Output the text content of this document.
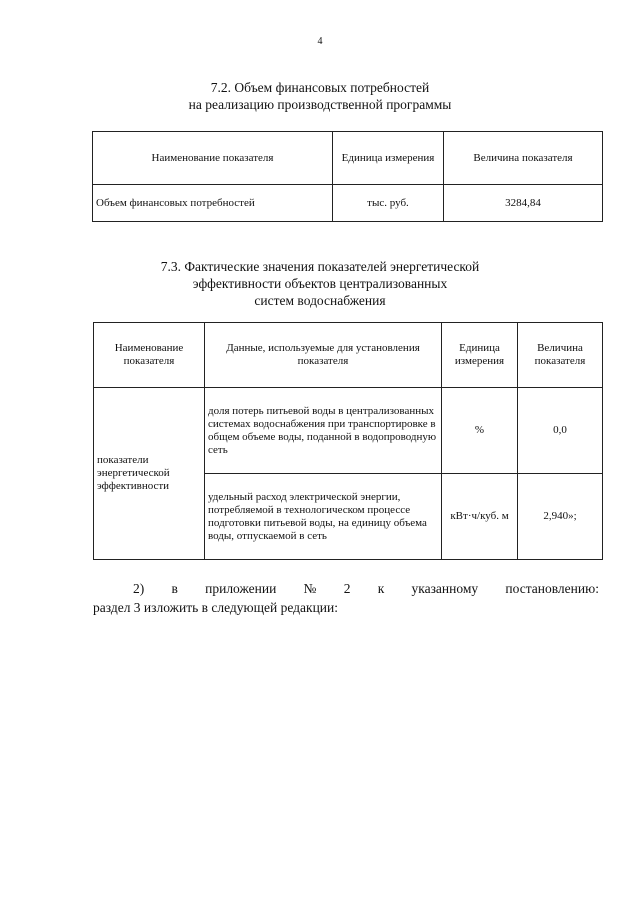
4
7.2. Объем финансовых потребностей
на реализацию производственной программы
Наименование показателя	Единица измерения	Величина показателя
Объем финансовых потребностей	тыс. руб.	3284,84
7.3. Фактические значения показателей энергетической
эффективности объектов централизованных
систем водоснабжения
Наименование показателя	Данные, используемые для установления показателя	Единица измерения	Величина показателя
показатели энергетической эффективности	доля потерь питьевой воды в централизованных системах водоснабжения при транспортировке в общем объеме воды, поданной в водопроводную сеть	%	0,0
	удельный расход электрической энергии, потребляемой в технологическом процессе подготовки питьевой воды, на единицу объема воды, отпускаемой в сеть	кВт·ч/куб. м	2,940»;
2) в приложении № 2 к указанному постановлению:
раздел 3 изложить в следующей редакции:
